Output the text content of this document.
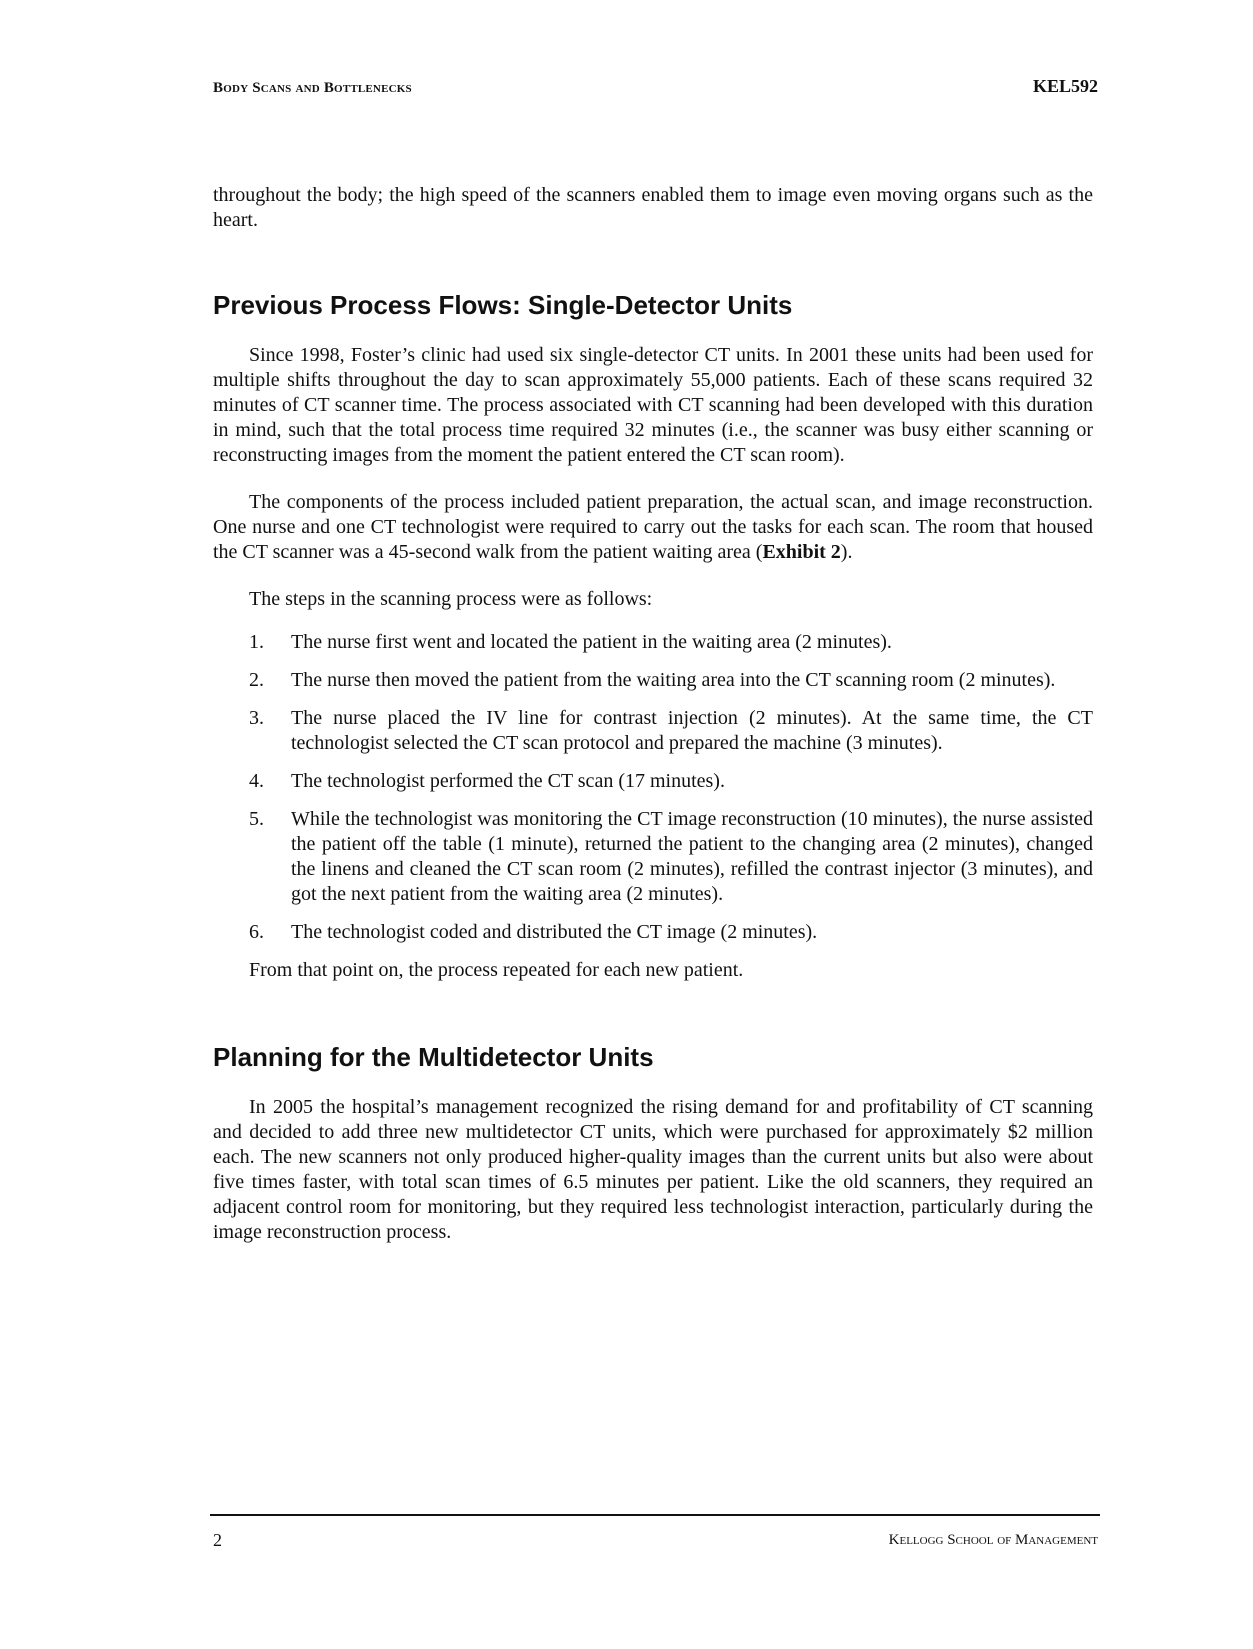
Body Scans and Bottlenecks	KEL592

throughout the body; the high speed of the scanners enabled them to image even moving organs such as the heart.

Previous Process Flows: Single-Detector Units

Since 1998, Foster’s clinic had used six single-detector CT units. In 2001 these units had been used for multiple shifts throughout the day to scan approximately 55,000 patients. Each of these scans required 32 minutes of CT scanner time. The process associated with CT scanning had been developed with this duration in mind, such that the total process time required 32 minutes (i.e., the scanner was busy either scanning or reconstructing images from the moment the patient entered the CT scan room).

The components of the process included patient preparation, the actual scan, and image reconstruction. One nurse and one CT technologist were required to carry out the tasks for each scan. The room that housed the CT scanner was a 45-second walk from the patient waiting area (Exhibit 2).

The steps in the scanning process were as follows:

1.	The nurse first went and located the patient in the waiting area (2 minutes).
2.	The nurse then moved the patient from the waiting area into the CT scanning room (2 minutes).
3.	The nurse placed the IV line for contrast injection (2 minutes). At the same time, the CT technologist selected the CT scan protocol and prepared the machine (3 minutes).
4.	The technologist performed the CT scan (17 minutes).
5.	While the technologist was monitoring the CT image reconstruction (10 minutes), the nurse assisted the patient off the table (1 minute), returned the patient to the changing area (2 minutes), changed the linens and cleaned the CT scan room (2 minutes), refilled the contrast injector (3 minutes), and got the next patient from the waiting area (2 minutes).
6.	The technologist coded and distributed the CT image (2 minutes).

From that point on, the process repeated for each new patient.

Planning for the Multidetector Units

In 2005 the hospital’s management recognized the rising demand for and profitability of CT scanning and decided to add three new multidetector CT units, which were purchased for approximately $2 million each. The new scanners not only produced higher-quality images than the current units but also were about five times faster, with total scan times of 6.5 minutes per patient. Like the old scanners, they required an adjacent control room for monitoring, but they required less technologist interaction, particularly during the image reconstruction process.

2	Kellogg School of Management
